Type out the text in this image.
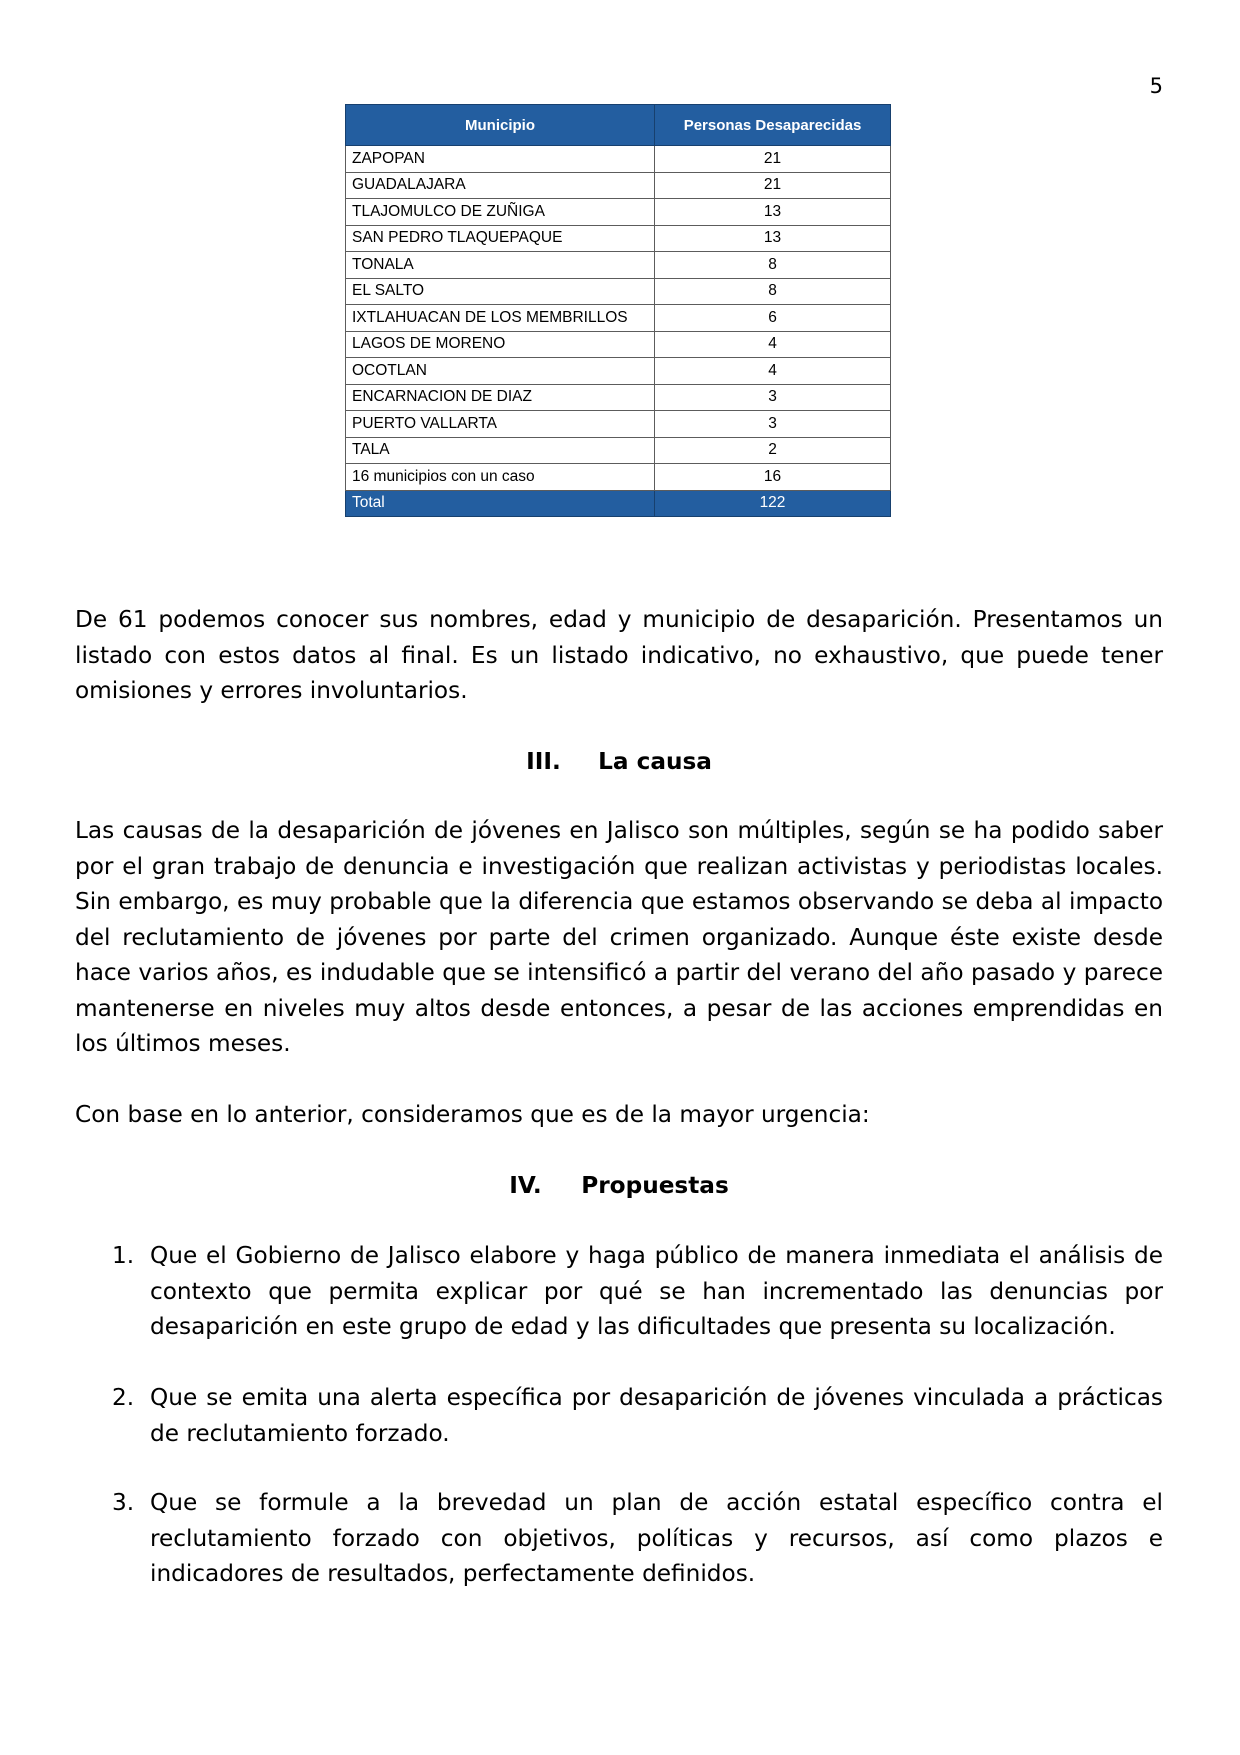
5
Municipio	Personas Desaparecidas
ZAPOPAN	21
GUADALAJARA	21
TLAJOMULCO DE ZUÑIGA	13
SAN PEDRO TLAQUEPAQUE	13
TONALA	8
EL SALTO	8
IXTLAHUACAN DE LOS MEMBRILLOS	6
LAGOS DE MORENO	4
OCOTLAN	4
ENCARNACION DE DIAZ	3
PUERTO VALLARTA	3
TALA	2
16 municipios con un caso	16
Total	122

De 61 podemos conocer sus nombres, edad y municipio de desaparición. Presentamos un listado con estos datos al final. Es un listado indicativo, no exhaustivo, que puede tener omisiones y errores involuntarios.

III. La causa

Las causas de la desaparición de jóvenes en Jalisco son múltiples, según se ha podido saber por el gran trabajo de denuncia e investigación que realizan activistas y periodistas locales. Sin embargo, es muy probable que la diferencia que estamos observando se deba al impacto del reclutamiento de jóvenes por parte del crimen organizado. Aunque éste existe desde hace varios años, es indudable que se intensificó a partir del verano del año pasado y parece mantenerse en niveles muy altos desde entonces, a pesar de las acciones emprendidas en los últimos meses.

Con base en lo anterior, consideramos que es de la mayor urgencia:

IV. Propuestas
1. Que el Gobierno de Jalisco elabore y haga público de manera inmediata el análisis de contexto que permita explicar por qué se han incrementado las denuncias por desaparición en este grupo de edad y las dificultades que presenta su localización.
2. Que se emita una alerta específica por desaparición de jóvenes vinculada a prácticas de reclutamiento forzado.
3. Que se formule a la brevedad un plan de acción estatal específico contra el reclutamiento forzado con objetivos, políticas y recursos, así como plazos e indicadores de resultados, perfectamente definidos.
